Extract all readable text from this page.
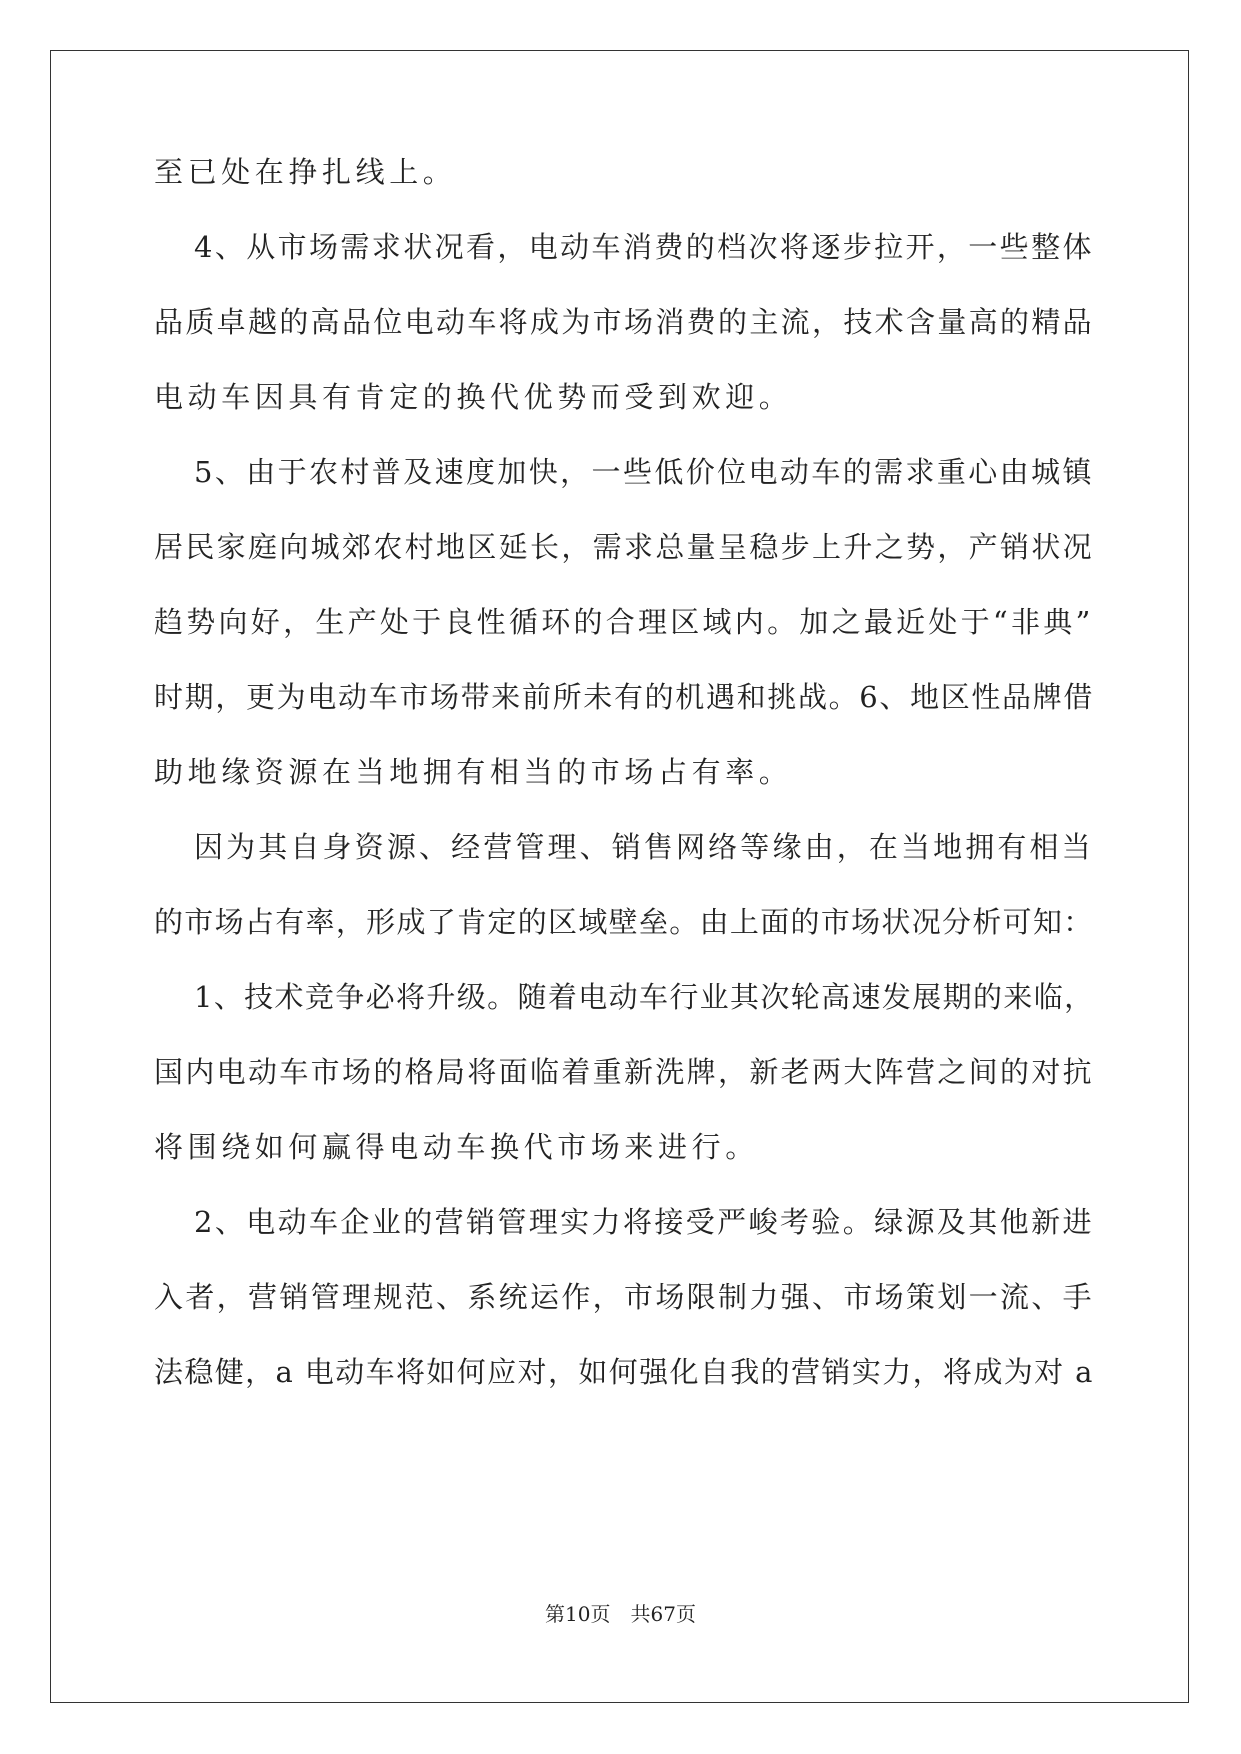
至已处在挣扎线上。
4、从市场需求状况看，电动车消费的档次将逐步拉开，一些整体
品质卓越的高品位电动车将成为市场消费的主流，技术含量高的精品
电动车因具有肯定的换代优势而受到欢迎。
5、由于农村普及速度加快，一些低价位电动车的需求重心由城镇
居民家庭向城郊农村地区延长，需求总量呈稳步上升之势，产销状况
趋势向好，生产处于良性循环的合理区域内。加之最近处于“非典”
时期，更为电动车市场带来前所未有的机遇和挑战。6、地区性品牌借
助地缘资源在当地拥有相当的市场占有率。
因为其自身资源、经营管理、销售网络等缘由，在当地拥有相当
的市场占有率，形成了肯定的区域壁垒。由上面的市场状况分析可知：
1、技术竞争必将升级。随着电动车行业其次轮高速发展期的来临，
国内电动车市场的格局将面临着重新洗牌，新老两大阵营之间的对抗
将围绕如何赢得电动车换代市场来进行。
2、电动车企业的营销管理实力将接受严峻考验。绿源及其他新进
入者，营销管理规范、系统运作，市场限制力强、市场策划一流、手
法稳健，a 电动车将如何应对，如何强化自我的营销实力，将成为对 a
第10页　共67页
